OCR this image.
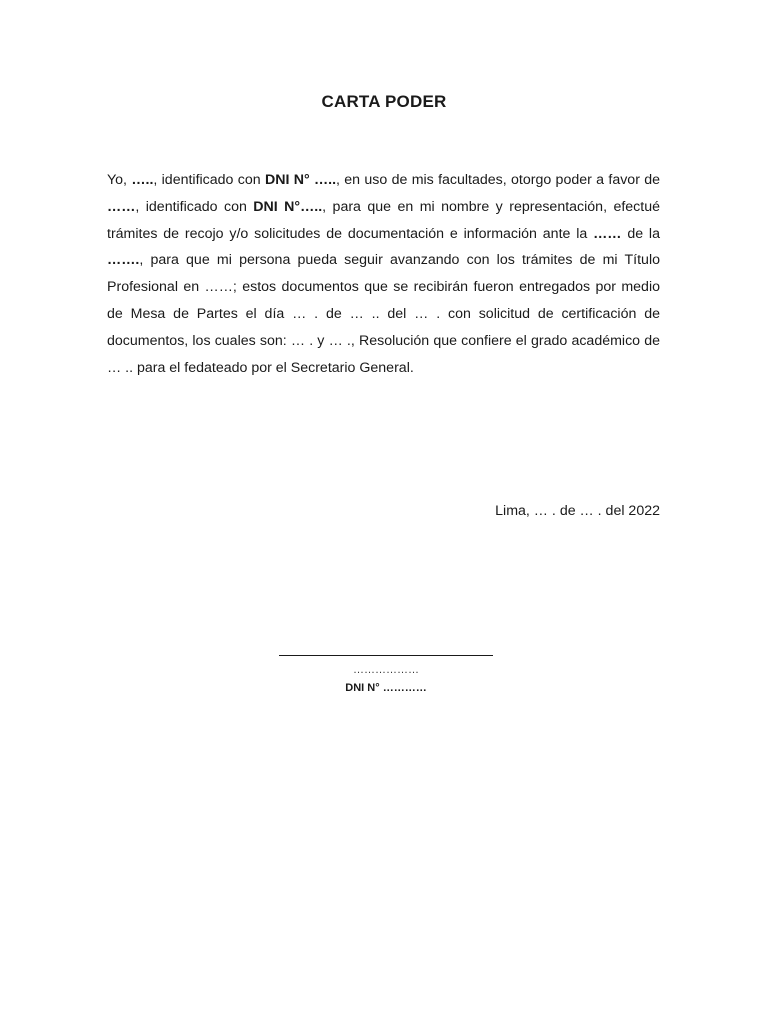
CARTA PODER
Yo, ….., identificado con DNI N° ….., en uso de mis facultades, otorgo poder a favor de ……, identificado con DNI N°….., para que en mi nombre y representación, efectué trámites de recojo y/o solicitudes de documentación e información ante la …… de la ……., para que mi persona pueda seguir avanzando con los trámites de mi Título Profesional en ……; estos documentos que se recibirán fueron entregados por medio de Mesa de Partes el día … . de … .. del … . con solicitud de certificación de documentos, los cuales son: … . y … ., Resolución que confiere el grado académico de … .. para el fedateado por el Secretario General.
Lima, … . de … . del 2022
………………
DNI N° …………
